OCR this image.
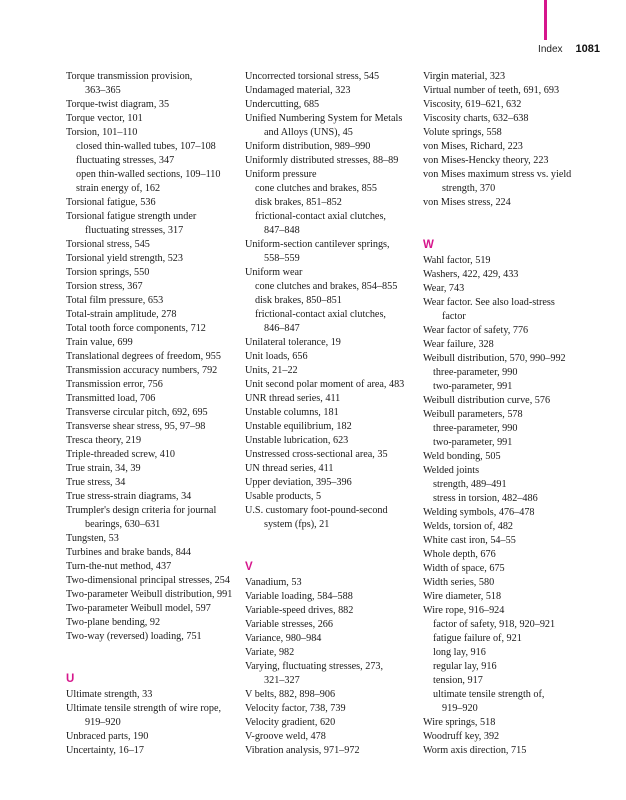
Index 1081
Torque transmission provision,
363–365
Torque-twist diagram, 35
Torque vector, 101
Torsion, 101–110
closed thin-walled tubes, 107–108
fluctuating stresses, 347
open thin-walled sections, 109–110
strain energy of, 162
Torsional fatigue, 536
Torsional fatigue strength under
fluctuating stresses, 317
Torsional stress, 545
Torsional yield strength, 523
Torsion springs, 550
Torsion stress, 367
Total film pressure, 653
Total-strain amplitude, 278
Total tooth force components, 712
Train value, 699
Translational degrees of freedom, 955
Transmission accuracy numbers, 792
Transmission error, 756
Transmitted load, 706
Transverse circular pitch, 692, 695
Transverse shear stress, 95, 97–98
Tresca theory, 219
Triple-threaded screw, 410
True strain, 34, 39
True stress, 34
True stress-strain diagrams, 34
Trumpler's design criteria for journal
bearings, 630–631
Tungsten, 53
Turbines and brake bands, 844
Turn-the-nut method, 437
Two-dimensional principal stresses, 254
Two-parameter Weibull distribution, 991
Two-parameter Weibull model, 597
Two-plane bending, 92
Two-way (reversed) loading, 751
U
Ultimate strength, 33
Ultimate tensile strength of wire rope,
919–920
Unbraced parts, 190
Uncertainty, 16–17
Uncorrected torsional stress, 545
Undamaged material, 323
Undercutting, 685
Unified Numbering System for Metals
and Alloys (UNS), 45
Uniform distribution, 989–990
Uniformly distributed stresses, 88–89
Uniform pressure
cone clutches and brakes, 855
disk brakes, 851–852
frictional-contact axial clutches,
847–848
Uniform-section cantilever springs,
558–559
Uniform wear
cone clutches and brakes, 854–855
disk brakes, 850–851
frictional-contact axial clutches,
846–847
Unilateral tolerance, 19
Unit loads, 656
Units, 21–22
Unit second polar moment of area, 483
UNR thread series, 411
Unstable columns, 181
Unstable equilibrium, 182
Unstable lubrication, 623
Unstressed cross-sectional area, 35
UN thread series, 411
Upper deviation, 395–396
Usable products, 5
U.S. customary foot-pound-second
system (fps), 21
V
Vanadium, 53
Variable loading, 584–588
Variable-speed drives, 882
Variable stresses, 266
Variance, 980–984
Variate, 982
Varying, fluctuating stresses, 273,
321–327
V belts, 882, 898–906
Velocity factor, 738, 739
Velocity gradient, 620
V-groove weld, 478
Vibration analysis, 971–972
Virgin material, 323
Virtual number of teeth, 691, 693
Viscosity, 619–621, 632
Viscosity charts, 632–638
Volute springs, 558
von Mises, Richard, 223
von Mises-Hencky theory, 223
von Mises maximum stress vs. yield
strength, 370
von Mises stress, 224
W
Wahl factor, 519
Washers, 422, 429, 433
Wear, 743
Wear factor. See also load-stress
factor
Wear factor of safety, 776
Wear failure, 328
Weibull distribution, 570, 990–992
three-parameter, 990
two-parameter, 991
Weibull distribution curve, 576
Weibull parameters, 578
three-parameter, 990
two-parameter, 991
Weld bonding, 505
Welded joints
strength, 489–491
stress in torsion, 482–486
Welding symbols, 476–478
Welds, torsion of, 482
White cast iron, 54–55
Whole depth, 676
Width of space, 675
Width series, 580
Wire diameter, 518
Wire rope, 916–924
factor of safety, 918, 920–921
fatigue failure of, 921
long lay, 916
regular lay, 916
tension, 917
ultimate tensile strength of,
919–920
Wire springs, 518
Woodruff key, 392
Worm axis direction, 715
